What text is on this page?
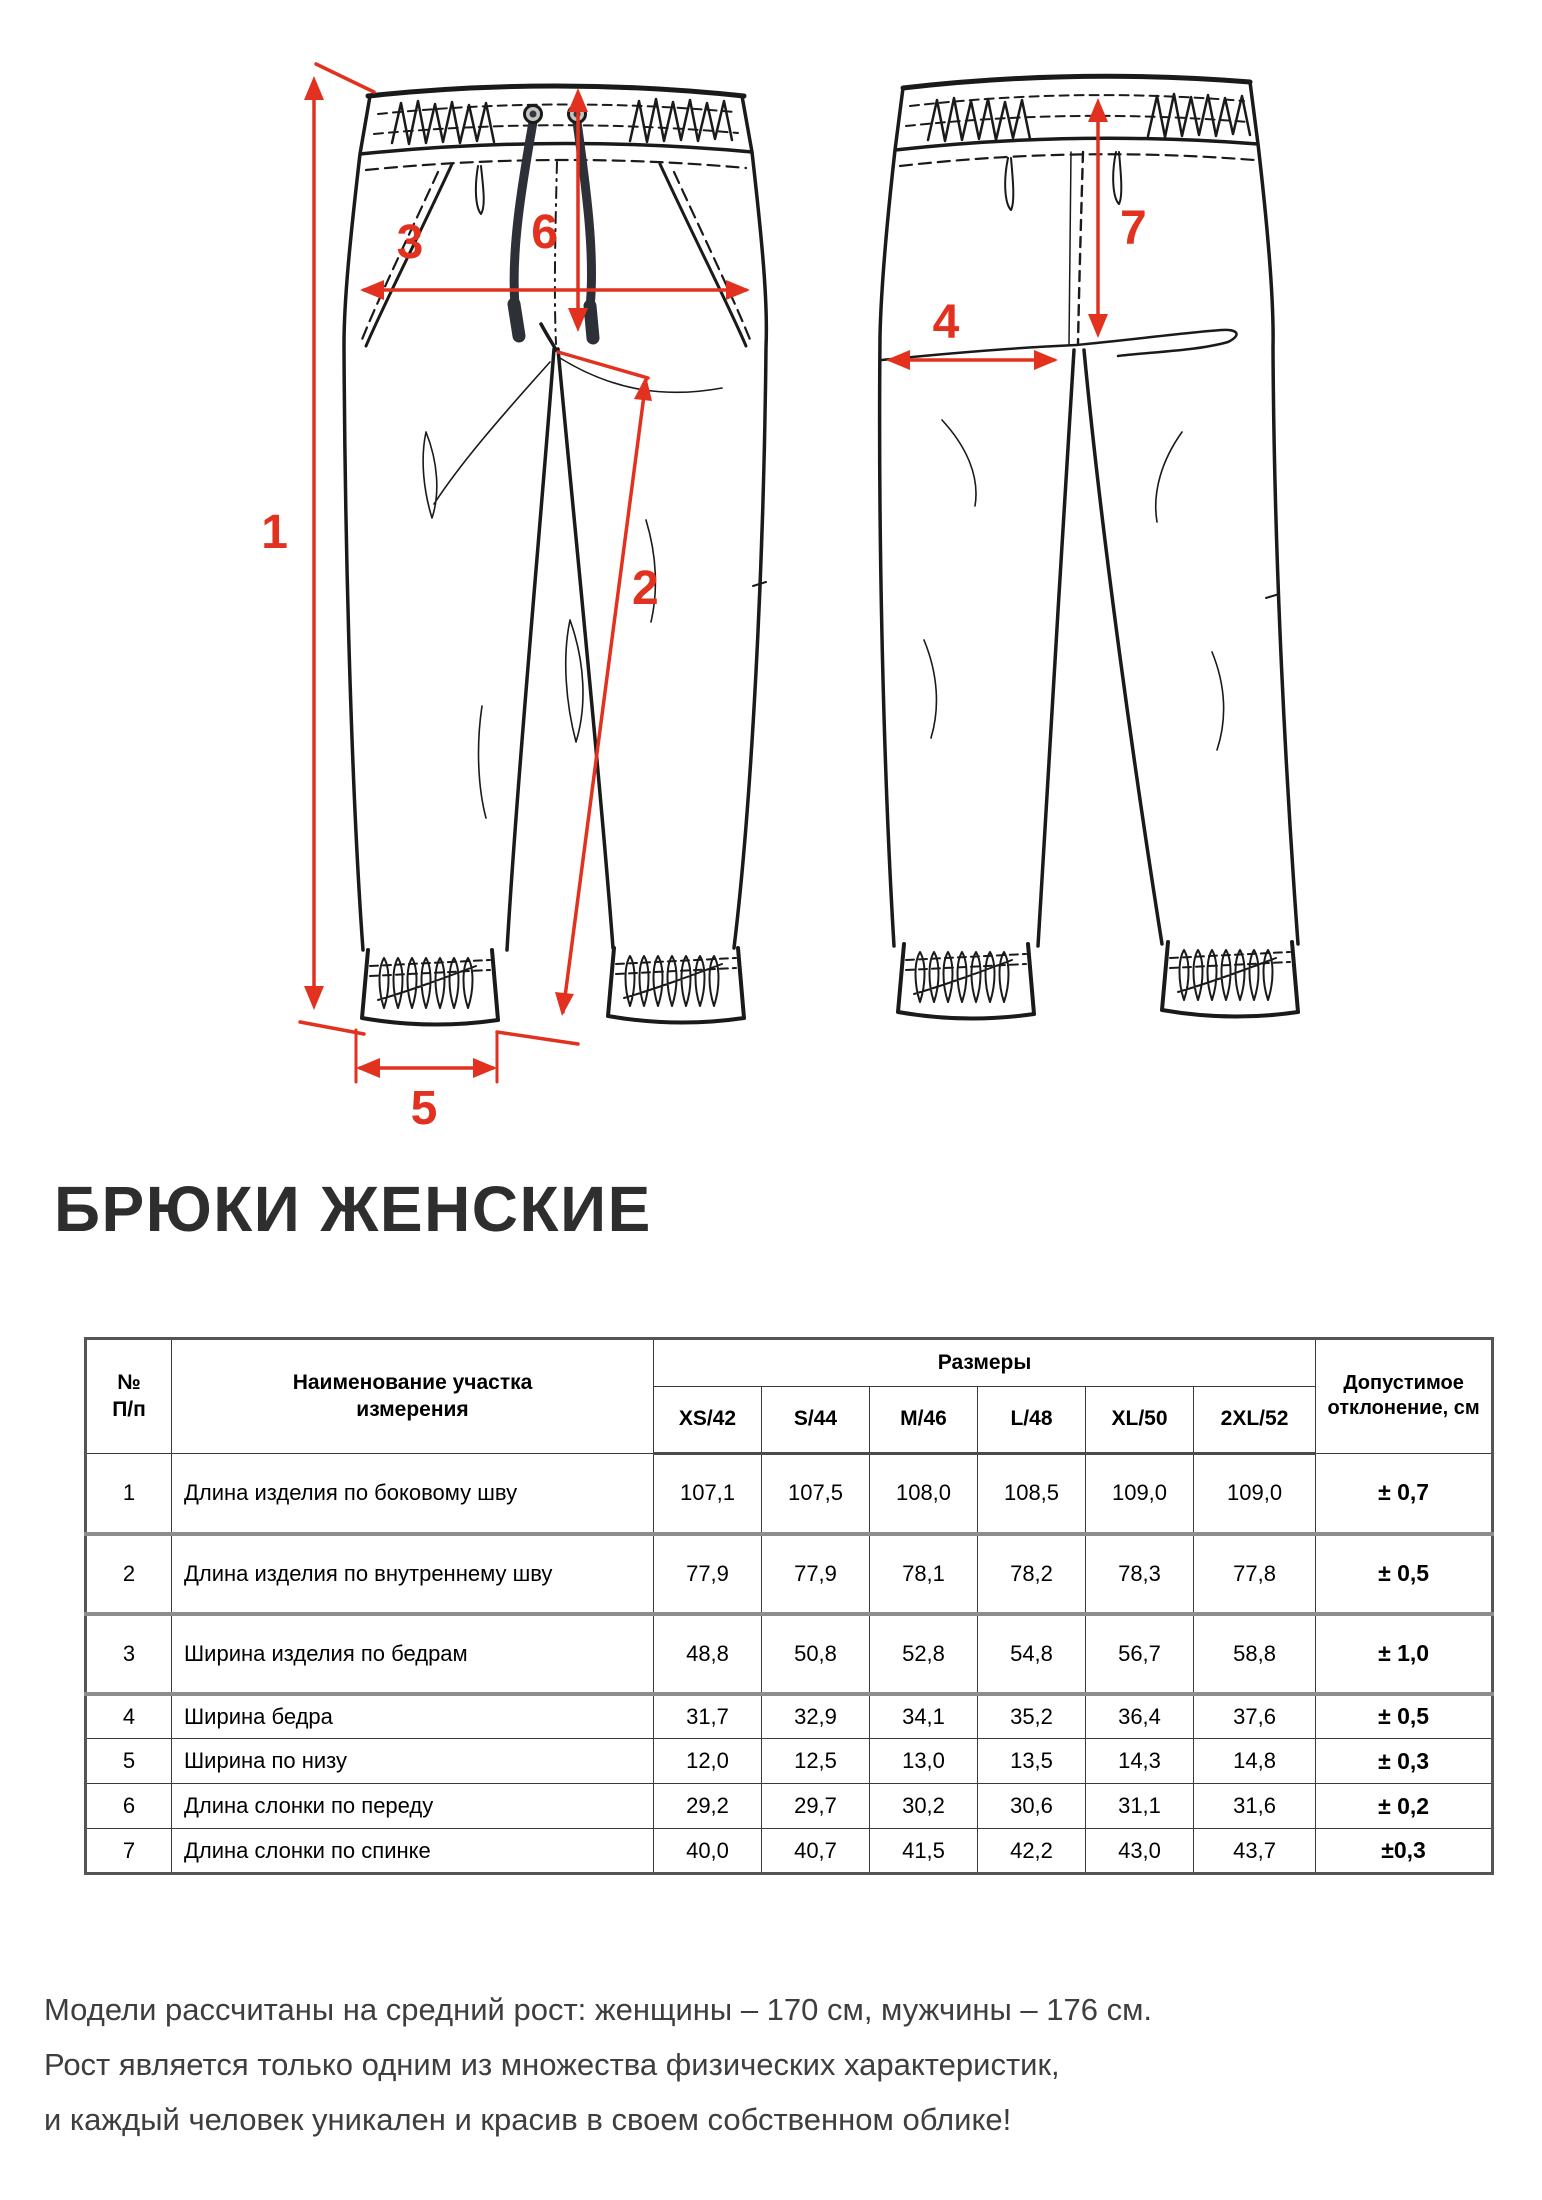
1
3 6
2
5
7
4
БРЮКИ ЖЕНСКИЕ
№
П/п	Наименование участка измерения	Размеры						Допустимое отклонение, см
		XS/42	S/44	M/46	L/48	XL/50	2XL/52	
1	Длина изделия по боковому шву	107,1	107,5	108,0	108,5	109,0	109,0	± 0,7
2	Длина изделия по внутреннему шву	77,9	77,9	78,1	78,2	78,3	77,8	± 0,5
3	Ширина изделия по бедрам	48,8	50,8	52,8	54,8	56,7	58,8	± 1,0
4	Ширина бедра	31,7	32,9	34,1	35,2	36,4	37,6	± 0,5
5	Ширина по низу	12,0	12,5	13,0	13,5	14,3	14,8	± 0,3
6	Длина слонки по переду	29,2	29,7	30,2	30,6	31,1	31,6	± 0,2
7	Длина слонки по спинке	40,0	40,7	41,5	42,2	43,0	43,7	±0,3
Модели рассчитаны на средний рост: женщины – 170 см, мужчины – 176 см.
Рост является только одним из множества физических характеристик,
и каждый человек уникален и красив в своем собственном облике!
